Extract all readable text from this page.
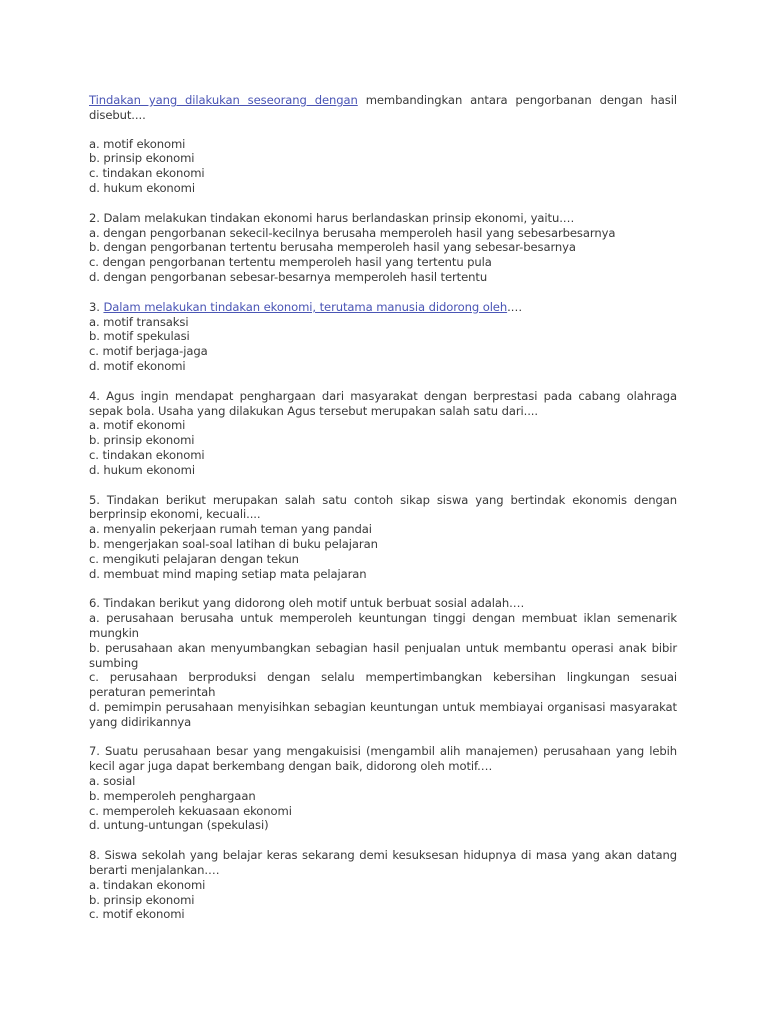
Tindakan yang dilakukan seseorang dengan membandingkan antara pengorbanan dengan hasil disebut....
a. motif ekonomi
b. prinsip ekonomi
c. tindakan ekonomi
d. hukum ekonomi
2. Dalam melakukan tindakan ekonomi harus berlandaskan prinsip ekonomi, yaitu.…
a. dengan pengorbanan sekecil-kecilnya berusaha memperoleh hasil yang sebesarbesarnya
b. dengan pengorbanan tertentu berusaha memperoleh hasil yang sebesar-besarnya
c. dengan pengorbanan tertentu memperoleh hasil yang tertentu pula
d. dengan pengorbanan sebesar-besarnya memperoleh hasil tertentu
3. Dalam melakukan tindakan ekonomi, terutama manusia didorong oleh.…
a. motif transaksi
b. motif spekulasi
c. motif berjaga-jaga
d. motif ekonomi
4. Agus ingin mendapat penghargaan dari masyarakat dengan berprestasi pada cabang olahraga sepak bola. Usaha yang dilakukan Agus tersebut merupakan salah satu dari....
a. motif ekonomi
b. prinsip ekonomi
c. tindakan ekonomi
d. hukum ekonomi
5. Tindakan berikut merupakan salah satu contoh sikap siswa yang bertindak ekonomis dengan berprinsip ekonomi, kecuali....
a. menyalin pekerjaan rumah teman yang pandai
b. mengerjakan soal-soal latihan di buku pelajaran
c. mengikuti pelajaran dengan tekun
d. membuat mind maping setiap mata pelajaran
6. Tindakan berikut yang didorong oleh motif untuk berbuat sosial adalah.…
a. perusahaan berusaha untuk memperoleh keuntungan tinggi dengan membuat iklan semenarik mungkin
b. perusahaan akan menyumbangkan sebagian hasil penjualan untuk membantu operasi anak bibir sumbing
c. perusahaan berproduksi dengan selalu mempertimbangkan kebersihan lingkungan sesuai peraturan pemerintah
d. pemimpin perusahaan menyisihkan sebagian keuntungan untuk membiayai organisasi masyarakat yang didirikannya
7. Suatu perusahaan besar yang mengakuisisi (mengambil alih manajemen) perusahaan yang lebih kecil agar juga dapat berkembang dengan baik, didorong oleh motif.…
a. sosial
b. memperoleh penghargaan
c. memperoleh kekuasaan ekonomi
d. untung-untungan (spekulasi)
8. Siswa sekolah yang belajar keras sekarang demi kesuksesan hidupnya di masa yang akan datang berarti menjalankan.…
a. tindakan ekonomi
b. prinsip ekonomi
c. motif ekonomi
